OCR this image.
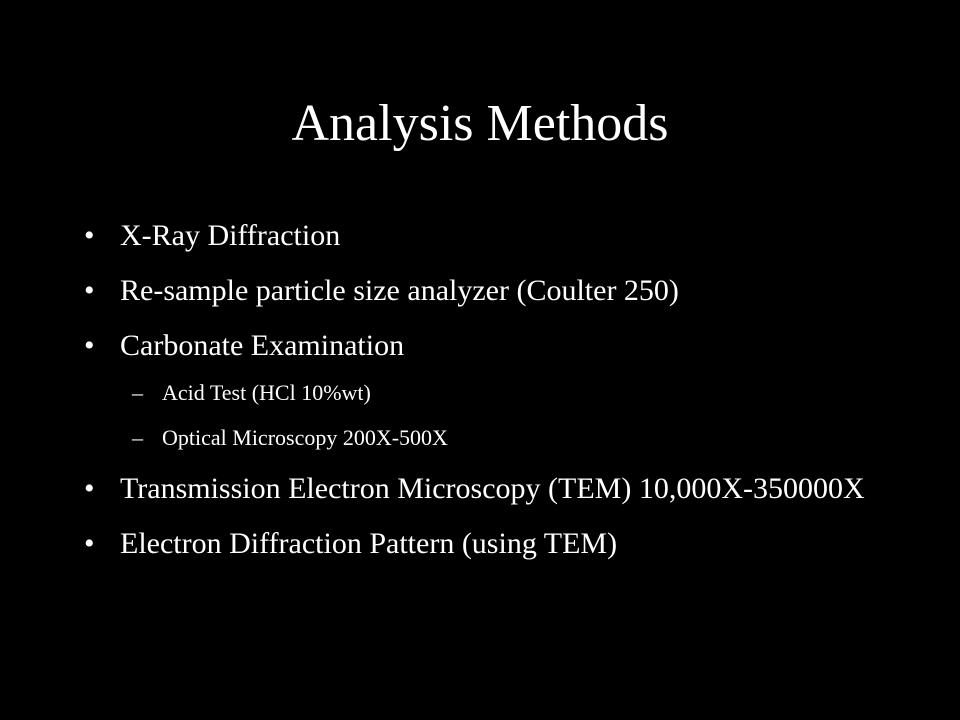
Analysis Methods
• X-Ray Diffraction
• Re-sample particle size analyzer (Coulter 250)
• Carbonate Examination
– Acid Test (HCl 10%wt)
– Optical Microscopy 200X-500X
• Transmission Electron Microscopy (TEM) 10,000X-350000X
• Electron Diffraction Pattern (using TEM)
